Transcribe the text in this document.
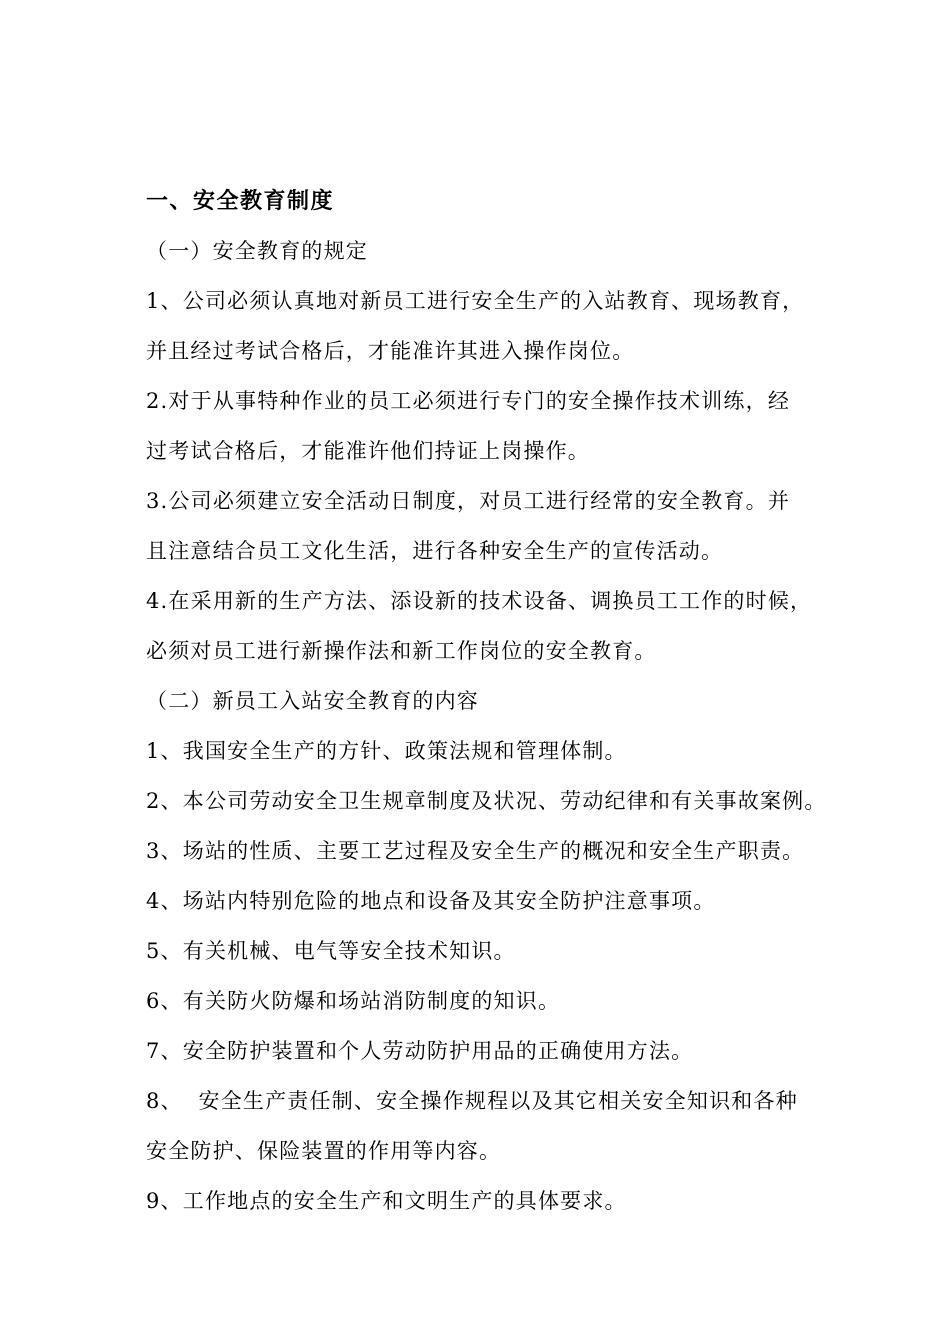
一、安全教育制度
（一）安全教育的规定
1、公司必须认真地对新员工进行安全生产的入站教育、现场教育，
并且经过考试合格后，才能准许其进入操作岗位。
2.对于从事特种作业的员工必须进行专门的安全操作技术训练，经
过考试合格后，才能准许他们持证上岗操作。
3.公司必须建立安全活动日制度，对员工进行经常的安全教育。并
且注意结合员工文化生活，进行各种安全生产的宣传活动。
4.在采用新的生产方法、添设新的技术设备、调换员工工作的时候，
必须对员工进行新操作法和新工作岗位的安全教育。
（二）新员工入站安全教育的内容
1、我国安全生产的方针、政策法规和管理体制。
2、本公司劳动安全卫生规章制度及状况、劳动纪律和有关事故案例。
3、场站的性质、主要工艺过程及安全生产的概况和安全生产职责。
4、场站内特别危险的地点和设备及其安全防护注意事项。
5、有关机械、电气等安全技术知识。
6、有关防火防爆和场站消防制度的知识。
7、安全防护装置和个人劳动防护用品的正确使用方法。
8、  安全生产责任制、安全操作规程以及其它相关安全知识和各种
安全防护、保险装置的作用等内容。
9、工作地点的安全生产和文明生产的具体要求。
